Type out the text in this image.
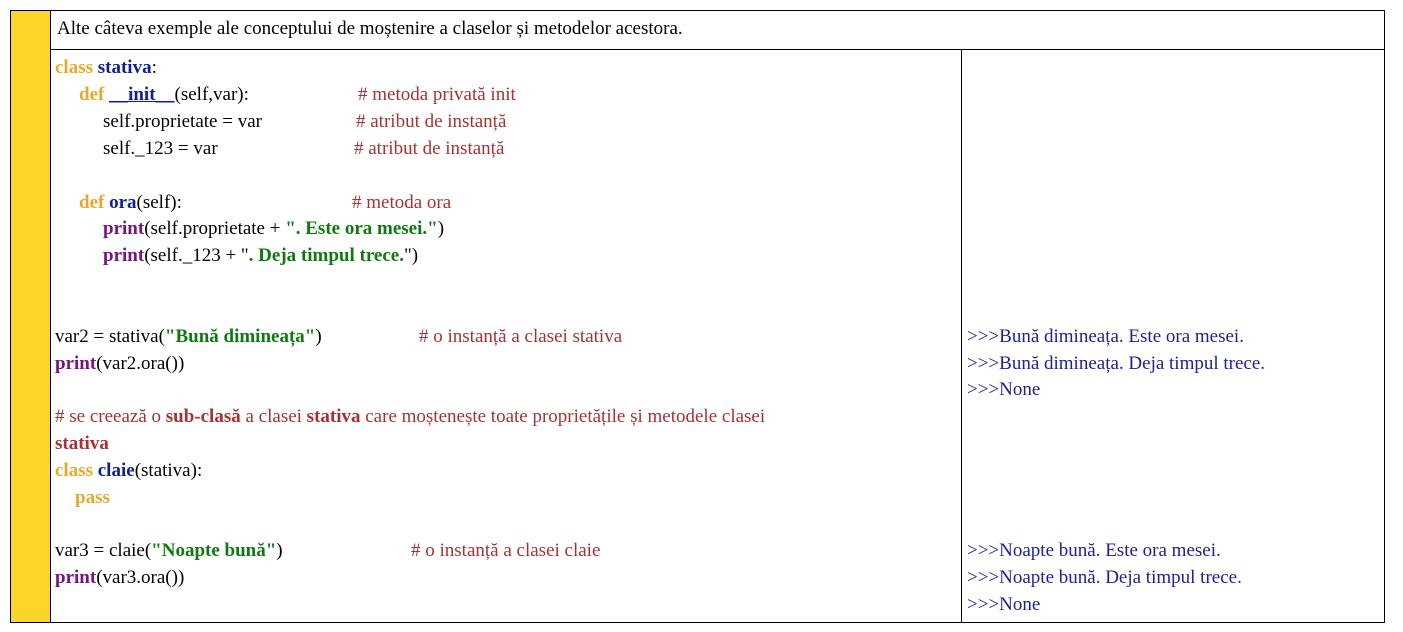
Alte câteva exemple ale conceptului de moștenire a claselor și metodelor acestora.
class stativa:
def __init__(self,var):	# metoda privată init
self.proprietate = var	# atribut de instanță
self._123 = var	# atribut de instanță
def ora(self):	# metoda ora
print(self.proprietate + ". Este ora mesei.")
print(self._123 + ". Deja timpul trece.")
var2 = stativa("Bună dimineața")	# o instanță a clasei stativa
print(var2.ora())
# se creează o sub-clasă a clasei stativa care moștenește toate proprietățile și metodele clasei
stativa
class claie(stativa):
pass
var3 = claie("Noapte bună")	# o instanță a clasei claie
print(var3.ora())
>>>Bună dimineața. Este ora mesei.
>>>Bună dimineața. Deja timpul trece.
>>>None
>>>Noapte bună. Este ora mesei.
>>>Noapte bună. Deja timpul trece.
>>>None
